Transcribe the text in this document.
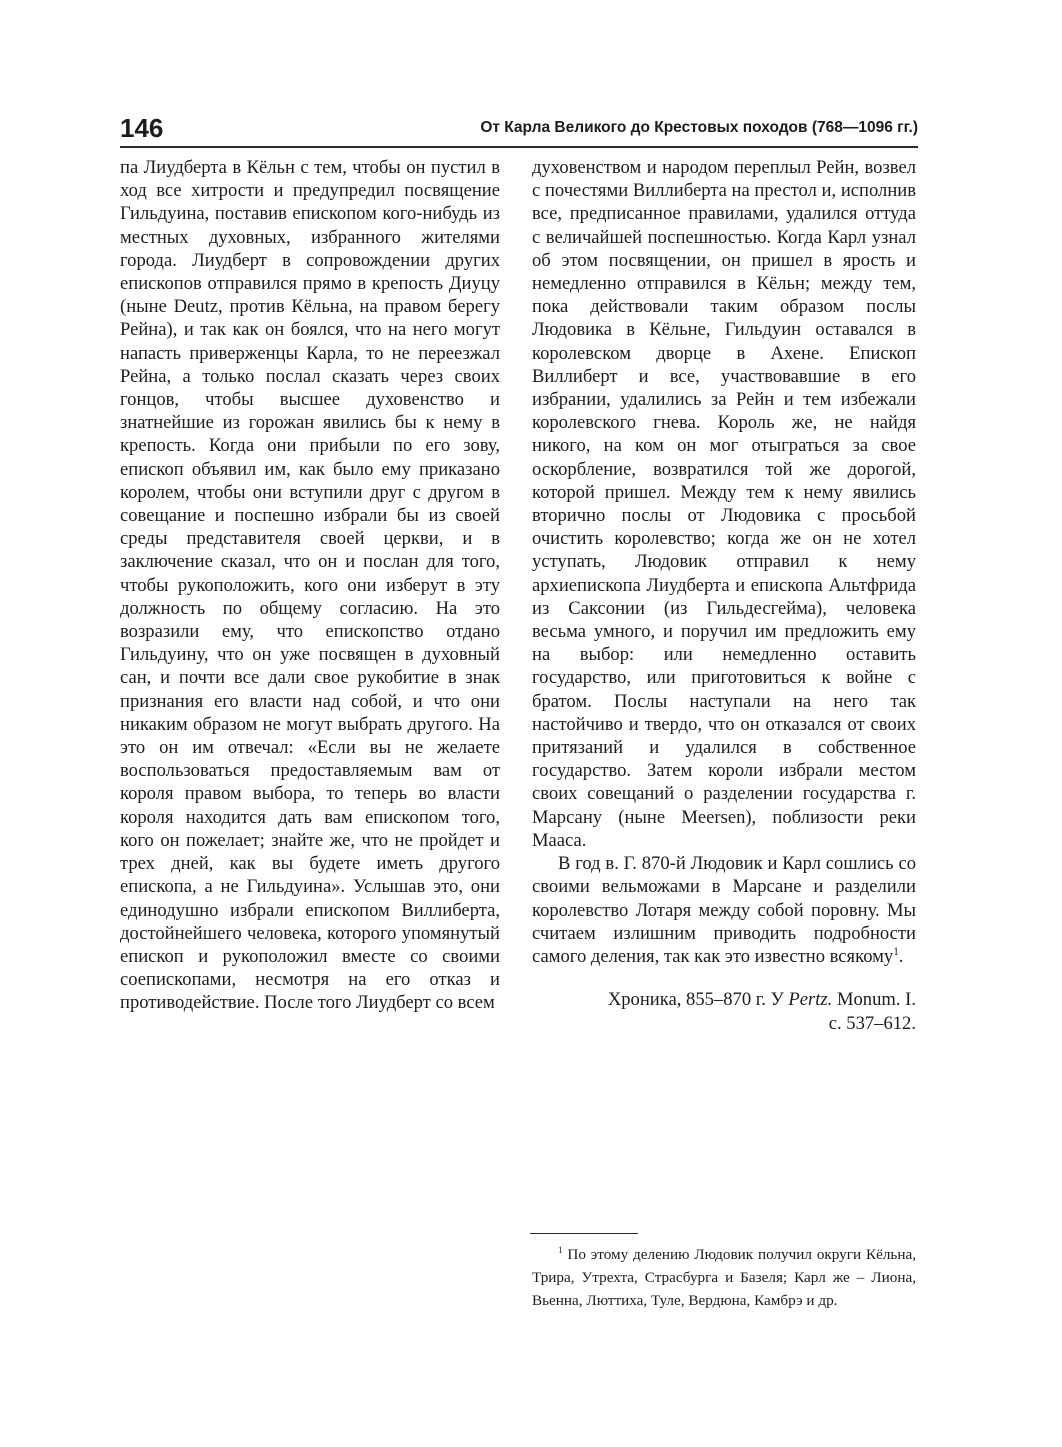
146	От Карла Великого до Крестовых походов (768—1096 гг.)

па Лиудберта в Кёльн с тем, чтобы он пустил в ход все хитрости и предупредил посвящение Гильдуина, поставив епископом кого-нибудь из местных духовных, избранного жителями города. Лиудберт в сопровождении других епископов отправился прямо в крепость Диуцу (ныне Deutz, против Кёльна, на правом берегу Рейна), и так как он боялся, что на него могут напасть приверженцы Карла, то не переезжал Рейна, а только послал сказать через своих гонцов, чтобы высшее духовенство и знатнейшие из горожан явились бы к нему в крепость. Когда они прибыли по его зову, епископ объявил им, как было ему приказано королем, чтобы они вступили друг с другом в совещание и поспешно избрали бы из своей среды представителя своей церкви, и в заключение сказал, что он и послан для того, чтобы рукоположить, кого они изберут в эту должность по общему согласию. На это возразили ему, что епископство отдано Гильдуину, что он уже посвящен в духовный сан, и почти все дали свое рукобитие в знак признания его власти над собой, и что они никаким образом не могут выбрать другого. На это он им отвечал: «Если вы не желаете воспользоваться предоставляемым вам от короля правом выбора, то теперь во власти короля находится дать вам епископом того, кого он пожелает; знайте же, что не пройдет и трех дней, как вы будете иметь другого епископа, а не Гильдуина». Услышав это, они единодушно избрали епископом Виллиберта, достойнейшего человека, которого упомянутый епископ и рукоположил вместе со своими соепископами, несмотря на его отказ и противодействие. После того Лиудберт со всем

духовенством и народом переплыл Рейн, возвел с почестями Виллиберта на престол и, исполнив все, предписанное правилами, удалился оттуда с величайшей поспешностью. Когда Карл узнал об этом посвящении, он пришел в ярость и немедленно отправился в Кёльн; между тем, пока действовали таким образом послы Людовика в Кёльне, Гильдуин оставался в королевском дворце в Ахене. Епископ Виллиберт и все, участвовавшие в его избрании, удалились за Рейн и тем избежали королевского гнева. Король же, не найдя никого, на ком он мог отыграться за свое оскорбление, возвратился той же дорогой, которой пришел. Между тем к нему явились вторично послы от Людовика с просьбой очистить королевство; когда же он не хотел уступать, Людовик отправил к нему архиепископа Лиудберта и епископа Альтфрида из Саксонии (из Гильдесгейма), человека весьма умного, и поручил им предложить ему на выбор: или немедленно оставить государство, или приготовиться к войне с братом. Послы наступали на него так настойчиво и твердо, что он отказался от своих притязаний и удалился в собственное государство. Затем короли избрали местом своих совещаний о разделении государства г. Марсану (ныне Meersen), поблизости реки Мааса.

В год в. Г. 870-й Людовик и Карл сошлись со своими вельможами в Марсане и разделили королевство Лотаря между собой поровну. Мы считаем излишним приводить подробности самого деления, так как это известно всякому$^1$.

Хроника, 855–870 г. У Pertz. Monum. I.
с. 537–612.
$^1$ По этому делению Людовик получил округи Кёльна, Трира, Утрехта, Страсбурга и Базеля; Карл же – Лиона, Вьенна, Люттиха, Туле, Вердюна, Камбрэ и др.
